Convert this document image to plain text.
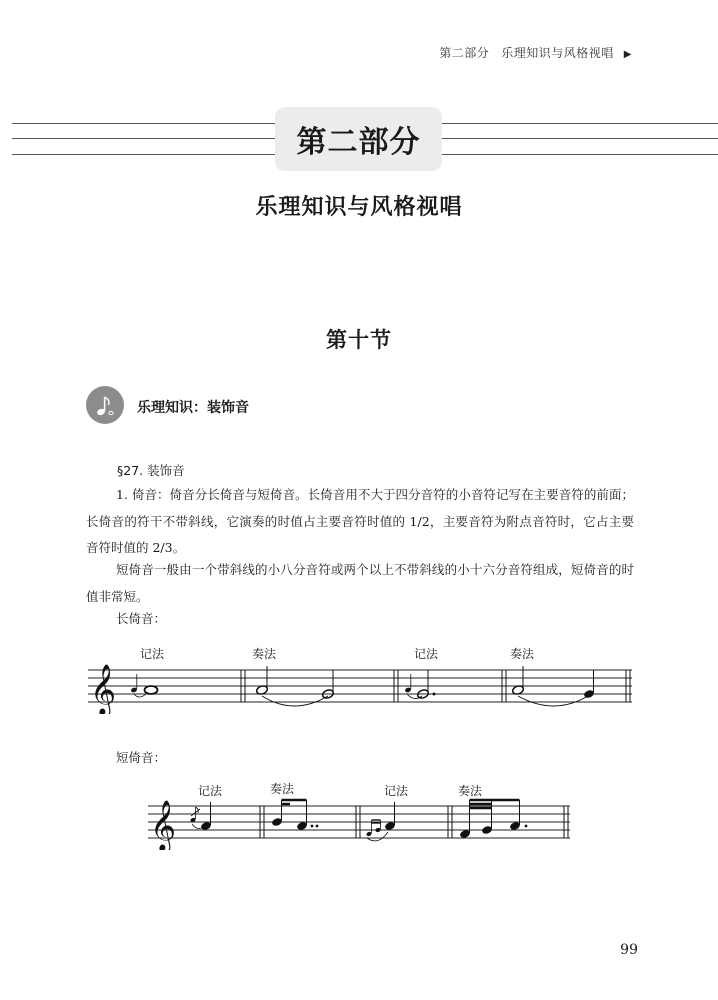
第二部分 乐理知识与风格视唱 ▶
第二部分
乐理知识与风格视唱
第十节
乐理知识：装饰音
§27. 装饰音
1. 倚音：倚音分长倚音与短倚音。长倚音用不大于四分音符的小音符记写在主要音符的前面；长倚音的符干不带斜线，它演奏的时值占主要音符时值的 1/2，主要音符为附点音符时，它占主要音符时值的 2/3。
短倚音一般由一个带斜线的小八分音符或两个以上不带斜线的小十六分音符组成，短倚音的时值非常短。
长倚音：
记法	奏法	记法	奏法
𝄞
短倚音：
记法	奏法	记法	奏法
𝄞
99
